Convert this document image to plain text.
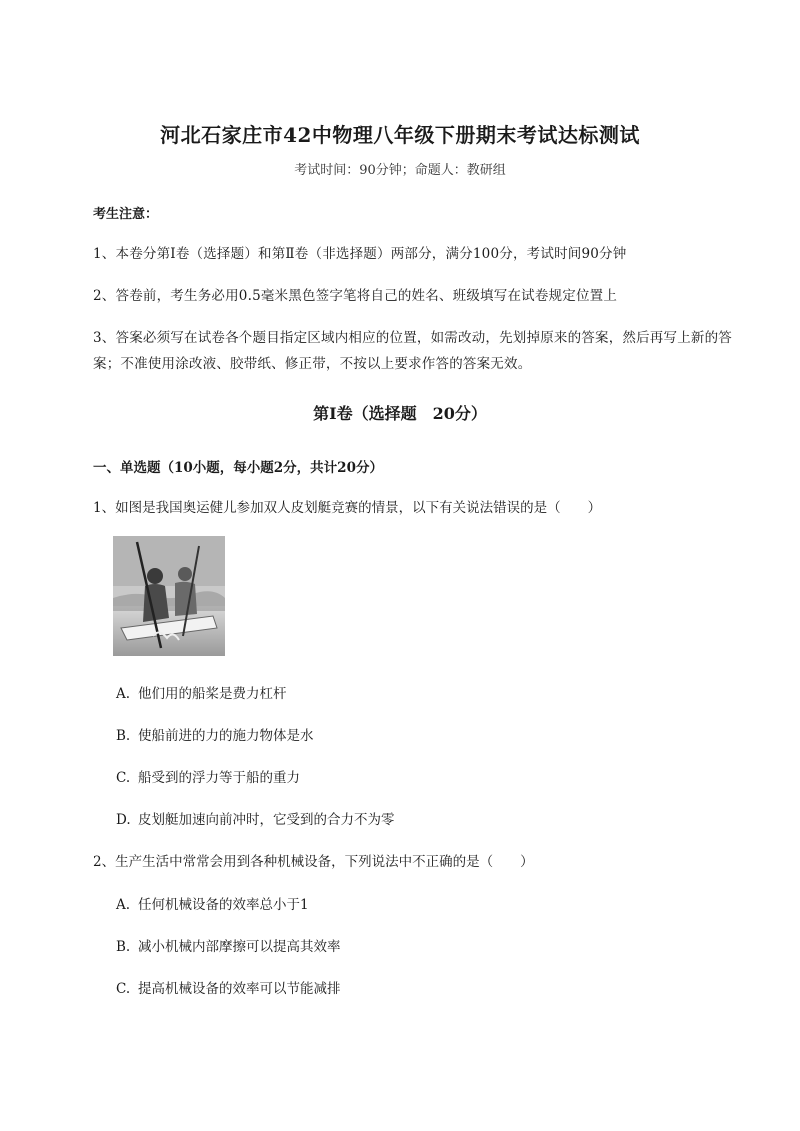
河北石家庄市42中物理八年级下册期末考试达标测试
考试时间：90分钟；命题人：教研组
考生注意：
1、本卷分第Ⅰ卷（选择题）和第Ⅱ卷（非选择题）两部分，满分100分，考试时间90分钟
2、答卷前，考生务必用0.5毫米黑色签字笔将自己的姓名、班级填写在试卷规定位置上
3、答案必须写在试卷各个题目指定区域内相应的位置，如需改动，先划掉原来的答案，然后再写上新的答案；不准使用涂改液、胶带纸、修正带，不按以上要求作答的答案无效。
第Ⅰ卷（选择题　20分）
一、单选题（10小题，每小题2分，共计20分）
1、如图是我国奥运健儿参加双人皮划艇竞赛的情景，以下有关说法错误的是（　　）
A. 他们用的船桨是费力杠杆
B. 使船前进的力的施力物体是水
C. 船受到的浮力等于船的重力
D. 皮划艇加速向前冲时，它受到的合力不为零
2、生产生活中常常会用到各种机械设备，下列说法中不正确的是（　　）
A. 任何机械设备的效率总小于1
B. 减小机械内部摩擦可以提高其效率
C. 提高机械设备的效率可以节能减排
